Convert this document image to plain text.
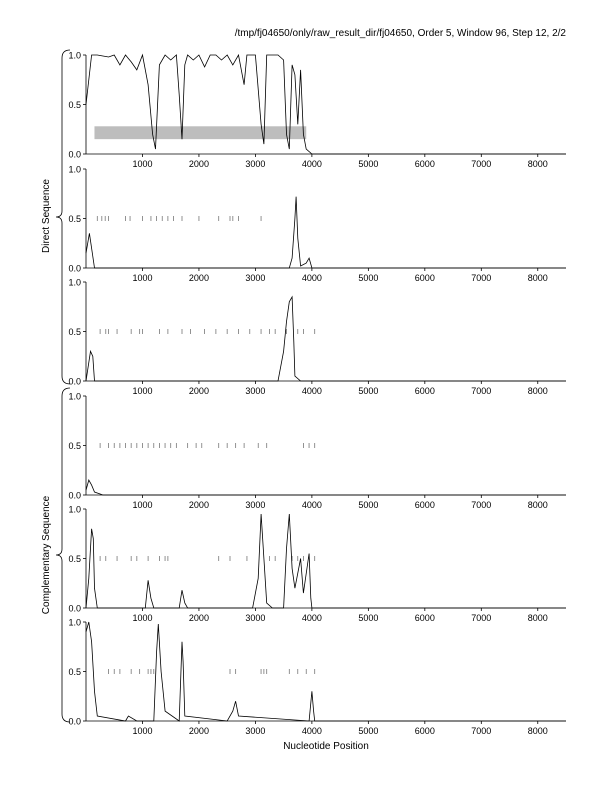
/tmp/fj04650/only/raw_result_dir/fj04650, Order 5, Window 96, Step 12, 2/2
Nucleotide Position
Direct Sequence
Complementary Sequence
0.0
0.5
1.0
1000	2000	3000	4000	5000	6000	7000	8000
0.0
0.5
1.0
1000	2000	3000	4000	5000	6000	7000	8000
0.0
0.5
1.0
1000	2000	3000	4000	5000	6000	7000	8000
0.0
0.5
1.0
1000	2000	3000	4000	5000	6000	7000	8000
0.0
0.5
1.0
1000	2000	3000	4000	5000	6000	7000	8000
0.0
0.5
1.0
1000	2000	3000	4000	5000	6000	7000	8000
